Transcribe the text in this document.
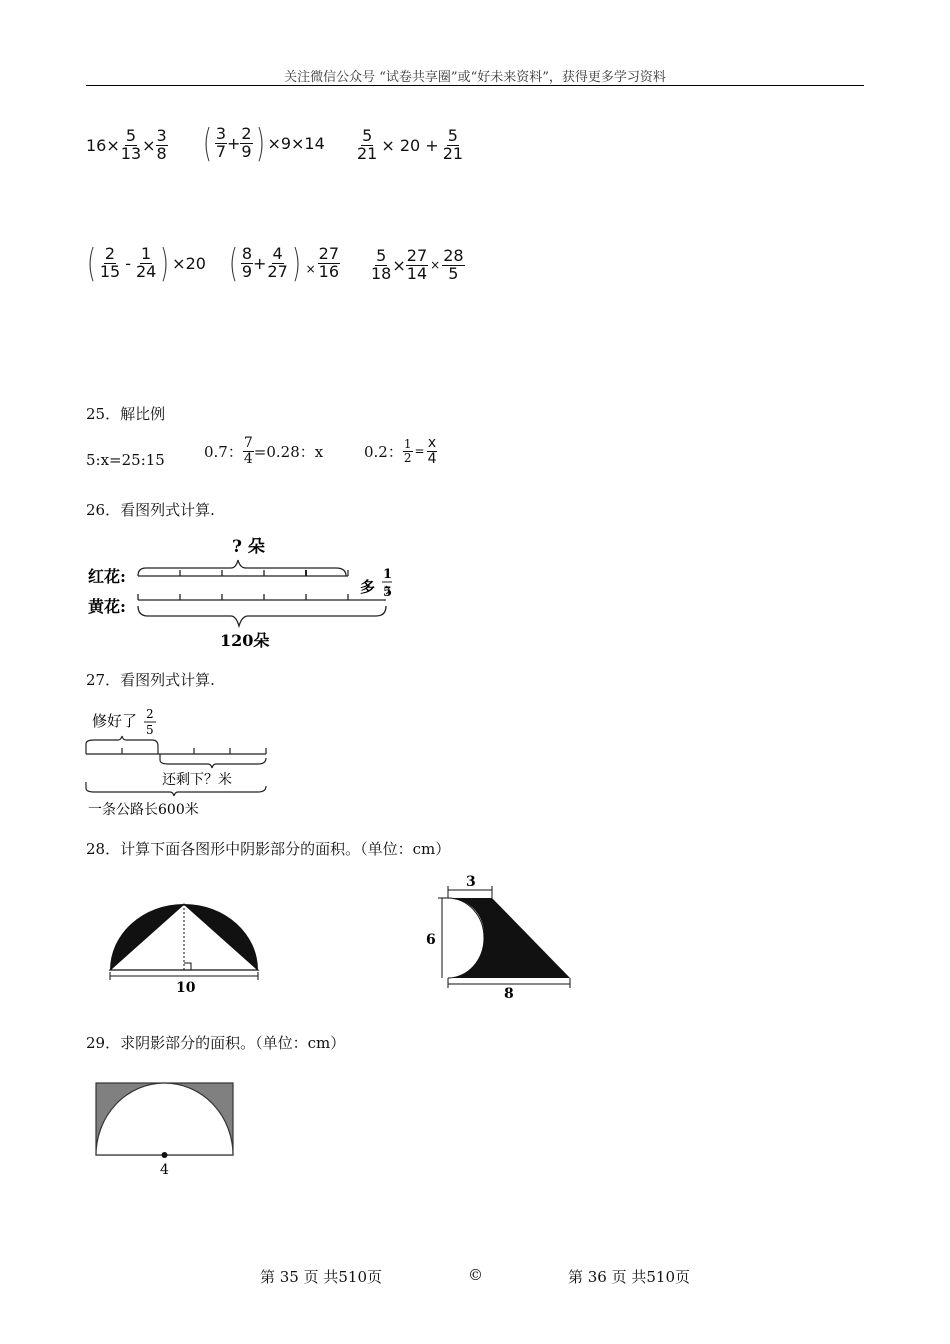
关注微信公众号 “试卷共享圈”或“好未来资料”，获得更多学习资料
$16 \times \frac{5}{13} \times \frac{3}{8}$ ( $\frac{3}{7} + \frac{2}{9}$ ) $\times 9\times 14 \frac{5}{21} \times 20 + \frac{5}{21}$
( $\frac{2}{15} - \frac{1}{24}$ ) ×20 ( $\frac{8}{9} + \frac{4}{27}$ ) × $\frac{27}{16} \frac{5}{18} \times \frac{27}{14} \times \frac{28}{5}$
25．解比例
5:x=25:15	0.7： $\frac{7}{4} =0.28$：x	0.2： $\frac{1}{2} = \frac{x}{4}$
26．看图列式计算.
? 朵
红花:
黄花:
多
1
5
120朵
27．看图列式计算.
修好了 2
5
还剩下？米
一条公路长600米
28．计算下面各图形中阴影部分的面积。（单位：cm）
10
3
6
8
29．求阴影部分的面积。（单位：cm）
4
第 35 页 共510页	©	第 36 页 共510页
